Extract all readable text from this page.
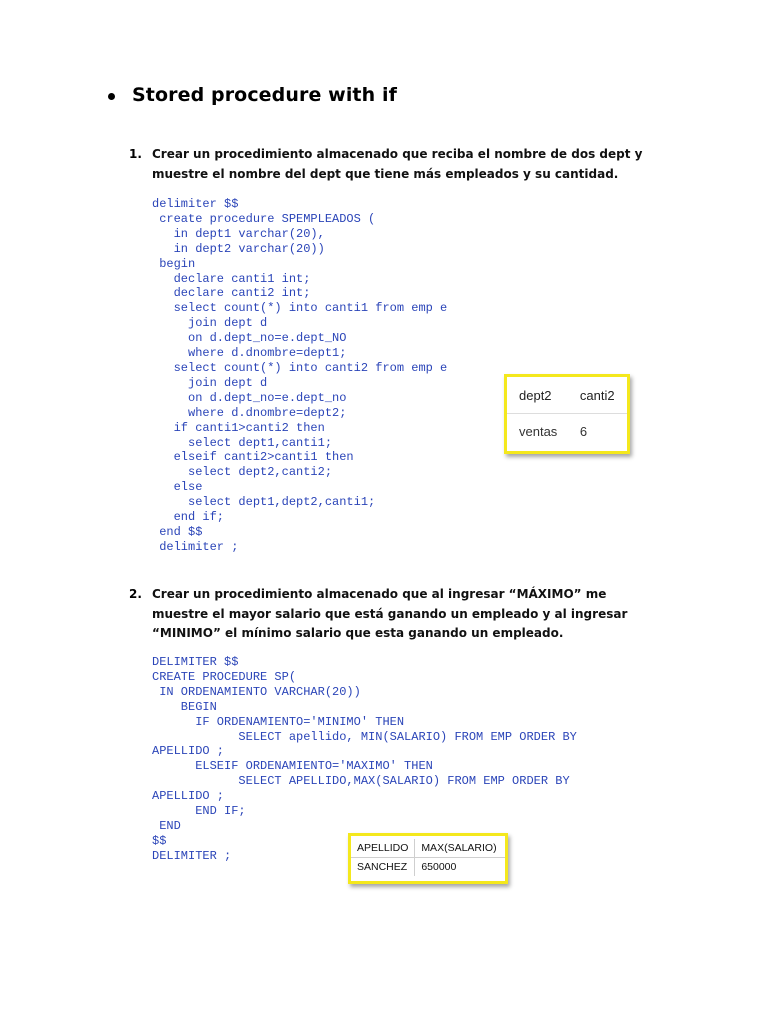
Stored procedure with if
1. Crear un procedimiento almacenado que reciba el nombre de dos dept y muestre el nombre del dept que tiene más empleados y su cantidad.
delimiter $$
create procedure SPEMPLEADOS (
in dept1 varchar(20),
in dept2 varchar(20))
begin
declare canti1 int;
declare canti2 int;
select count(*) into canti1 from emp e
join dept d
on d.dept_no=e.dept_NO
where d.dnombre=dept1;
select count(*) into canti2 from emp e
join dept d
on d.dept_no=e.dept_no
where d.dnombre=dept2;
if canti1>canti2 then
select dept1,canti1;
elseif canti2>canti1 then
select dept2,canti2;
else
select dept1,dept2,canti1;
end if;
end $$
delimiter ;
dept2	canti2
ventas	6
2. Crear un procedimiento almacenado que al ingresar “MÁXIMO” me muestre el mayor salario que está ganando un empleado y al ingresar “MINIMO” el mínimo salario que esta ganando un empleado.
DELIMITER $$
CREATE PROCEDURE SP(
IN ORDENAMIENTO VARCHAR(20))
BEGIN
IF ORDENAMIENTO='MINIMO' THEN
SELECT apellido, MIN(SALARIO) FROM EMP ORDER BY
APELLIDO ;
ELSEIF ORDENAMIENTO='MAXIMO' THEN
SELECT APELLIDO,MAX(SALARIO) FROM EMP ORDER BY
APELLIDO ;
END IF;
END
$$
DELIMITER ;
APELLIDO	MAX(SALARIO)
SANCHEZ	650000
